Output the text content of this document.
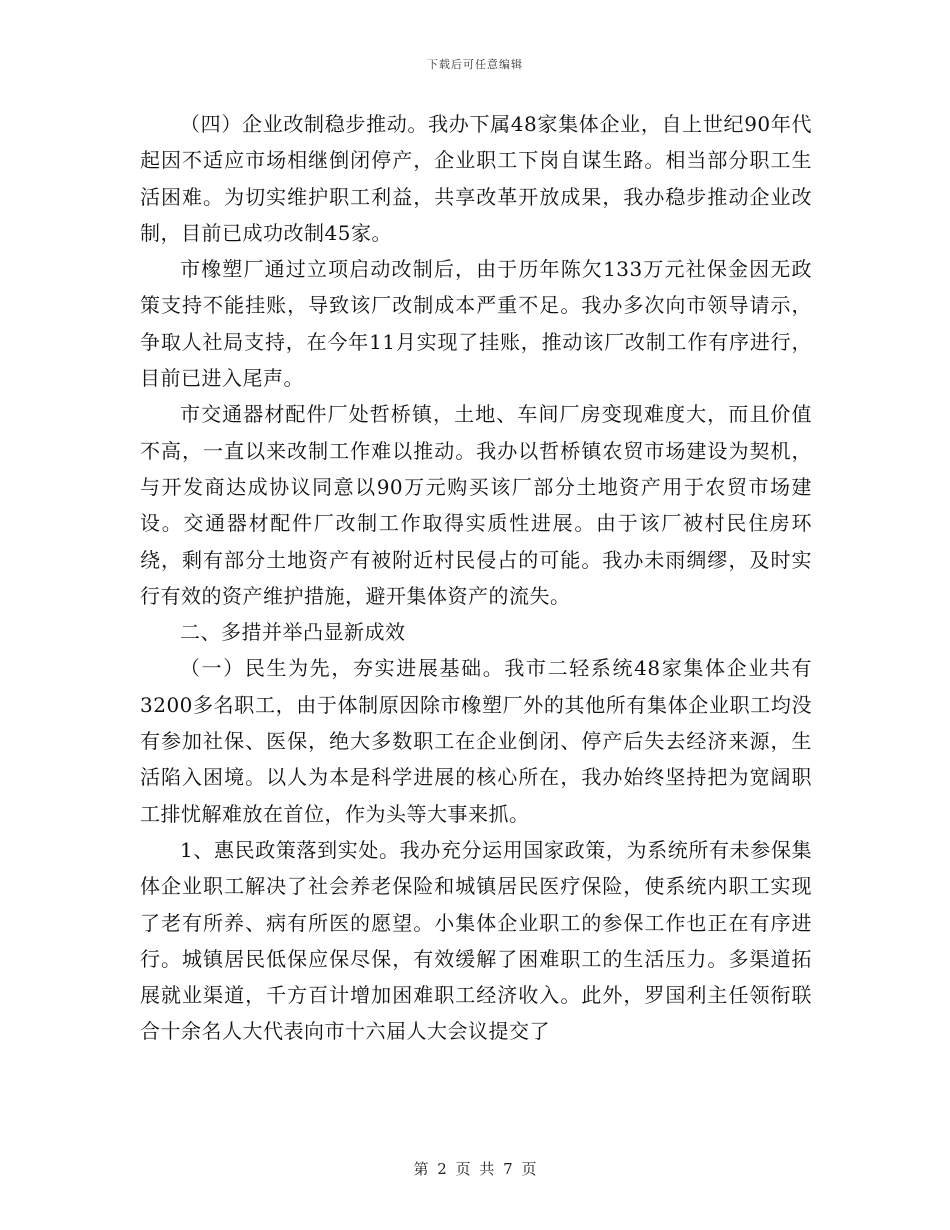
下载后可任意编辑

（四）企业改制稳步推动。我办下属48家集体企业，自上世纪90年代起因不适应市场相继倒闭停产，企业职工下岗自谋生路。相当部分职工生活困难。为切实维护职工利益，共享改革开放成果，我办稳步推动企业改制，目前已成功改制45家。

市橡塑厂通过立项启动改制后，由于历年陈欠133万元社保金因无政策支持不能挂账，导致该厂改制成本严重不足。我办多次向市领导请示，争取人社局支持，在今年11月实现了挂账，推动该厂改制工作有序进行，目前已进入尾声。

市交通器材配件厂处哲桥镇，土地、车间厂房变现难度大，而且价值不高，一直以来改制工作难以推动。我办以哲桥镇农贸市场建设为契机，与开发商达成协议同意以90万元购买该厂部分土地资产用于农贸市场建设。交通器材配件厂改制工作取得实质性进展。由于该厂被村民住房环绕，剩有部分土地资产有被附近村民侵占的可能。我办未雨绸缪，及时实行有效的资产维护措施，避开集体资产的流失。

二、多措并举凸显新成效

（一）民生为先，夯实进展基础。我市二轻系统48家集体企业共有3200多名职工，由于体制原因除市橡塑厂外的其他所有集体企业职工均没有参加社保、医保，绝大多数职工在企业倒闭、停产后失去经济来源，生活陷入困境。以人为本是科学进展的核心所在，我办始终坚持把为宽阔职工排忧解难放在首位，作为头等大事来抓。

1、惠民政策落到实处。我办充分运用国家政策，为系统所有未参保集体企业职工解决了社会养老保险和城镇居民医疗保险，使系统内职工实现了老有所养、病有所医的愿望。小集体企业职工的参保工作也正在有序进行。城镇居民低保应保尽保，有效缓解了困难职工的生活压力。多渠道拓展就业渠道，千方百计增加困难职工经济收入。此外，罗国利主任领衔联合十余名人大代表向市十六届人大会议提交了

第 2 页 共 7 页
